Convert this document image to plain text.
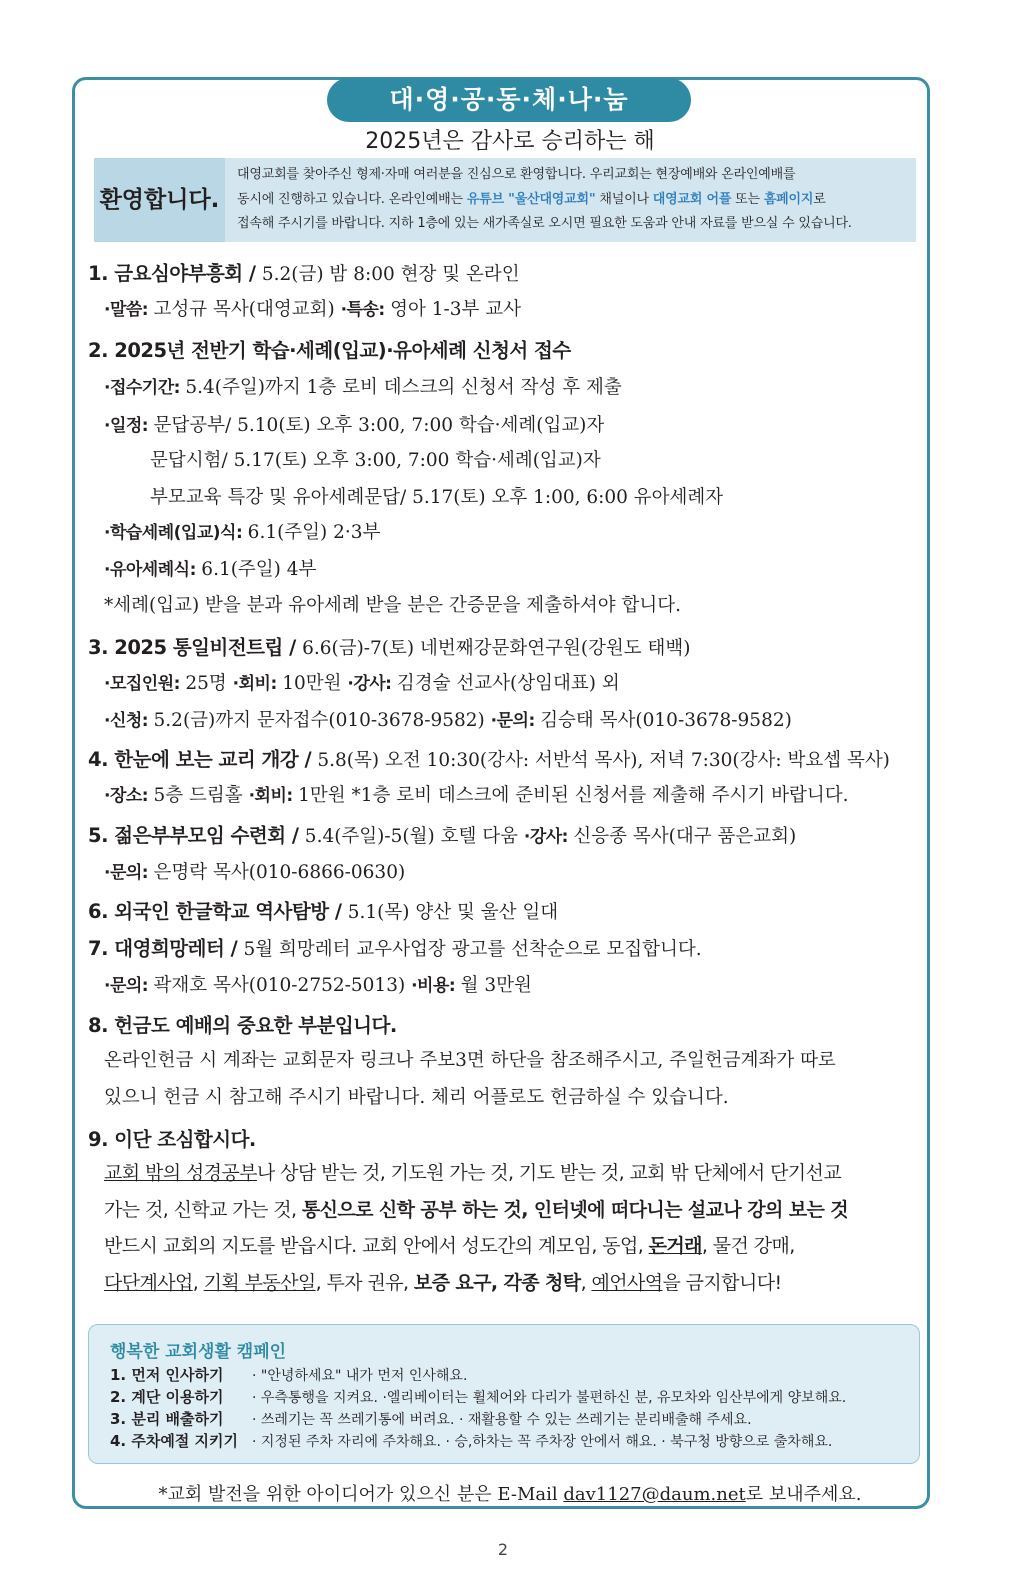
대·영·공·동·체·나·눔
2025년은 감사로 승리하는 해
환영합니다.
대영교회를 찾아주신 형제·자매 여러분을 진심으로 환영합니다. 우리교회는 현장예배와 온라인예배를
동시에 진행하고 있습니다. 온라인예배는 유튜브 "울산대영교회" 채널이나 대영교회 어플 또는 홈페이지로
접속해 주시기를 바랍니다. 지하 1층에 있는 새가족실로 오시면 필요한 도움과 안내 자료를 받으실 수 있습니다.
1. 금요심야부흥회 / 5.2(금) 밤 8:00 현장 및 온라인
·말씀: 고성규 목사(대영교회) ·특송: 영아 1-3부 교사
2. 2025년 전반기 학습·세례(입교)·유아세례 신청서 접수
·접수기간: 5.4(주일)까지 1층 로비 데스크의 신청서 작성 후 제출
·일정: 문답공부/ 5.10(토) 오후 3:00, 7:00 학습·세례(입교)자
문답시험/ 5.17(토) 오후 3:00, 7:00 학습·세례(입교)자
부모교육 특강 및 유아세례문답/ 5.17(토) 오후 1:00, 6:00 유아세례자
·학습세례(입교)식: 6.1(주일) 2·3부
·유아세례식: 6.1(주일) 4부
*세례(입교) 받을 분과 유아세례 받을 분은 간증문을 제출하셔야 합니다.
3. 2025 통일비전트립 / 6.6(금)-7(토) 네번째강문화연구원(강원도 태백)
·모집인원: 25명 ·회비: 10만원 ·강사: 김경술 선교사(상임대표) 외
·신청: 5.2(금)까지 문자접수(010-3678-9582) ·문의: 김승태 목사(010-3678-9582)
4. 한눈에 보는 교리 개강 / 5.8(목) 오전 10:30(강사: 서반석 목사), 저녁 7:30(강사: 박요셉 목사)
·장소: 5층 드림홀 ·회비: 1만원 *1층 로비 데스크에 준비된 신청서를 제출해 주시기 바랍니다.
5. 젊은부부모임 수련회 / 5.4(주일)-5(월) 호텔 다움 ·강사: 신응종 목사(대구 품은교회)
·문의: 은명락 목사(010-6866-0630)
6. 외국인 한글학교 역사탐방 / 5.1(목) 양산 및 울산 일대
7. 대영희망레터 / 5월 희망레터 교우사업장 광고를 선착순으로 모집합니다.
·문의: 곽재호 목사(010-2752-5013) ·비용: 월 3만원
8. 헌금도 예배의 중요한 부분입니다.
온라인헌금 시 계좌는 교회문자 링크나 주보3면 하단을 참조해주시고, 주일헌금계좌가 따로
있으니 헌금 시 참고해 주시기 바랍니다. 체리 어플로도 헌금하실 수 있습니다.
9. 이단 조심합시다.
교회 밖의 성경공부나 상담 받는 것, 기도원 가는 것, 기도 받는 것, 교회 밖 단체에서 단기선교
가는 것, 신학교 가는 것, 통신으로 신학 공부 하는 것, 인터넷에 떠다니는 설교나 강의 보는 것
반드시 교회의 지도를 받읍시다. 교회 안에서 성도간의 계모임, 동업, 돈거래, 물건 강매,
다단계사업, 기획 부동산일, 투자 권유, 보증 요구, 각종 청탁, 예언사역을 금지합니다!
행복한 교회생활 캠페인
1. 먼저 인사하기 · "안녕하세요" 내가 먼저 인사해요.
2. 계단 이용하기 · 우측통행을 지켜요. ·엘리베이터는 휠체어와 다리가 불편하신 분, 유모차와 임산부에게 양보해요.
3. 분리 배출하기 · 쓰레기는 꼭 쓰레기통에 버려요. · 재활용할 수 있는 쓰레기는 분리배출해 주세요.
4. 주차예절 지키기 · 지정된 주차 자리에 주차해요. · 승,하차는 꼭 주차장 안에서 해요. · 북구청 방향으로 출차해요.
*교회 발전을 위한 아이디어가 있으신 분은 E-Mail dav1127@daum.net로 보내주세요.
2
